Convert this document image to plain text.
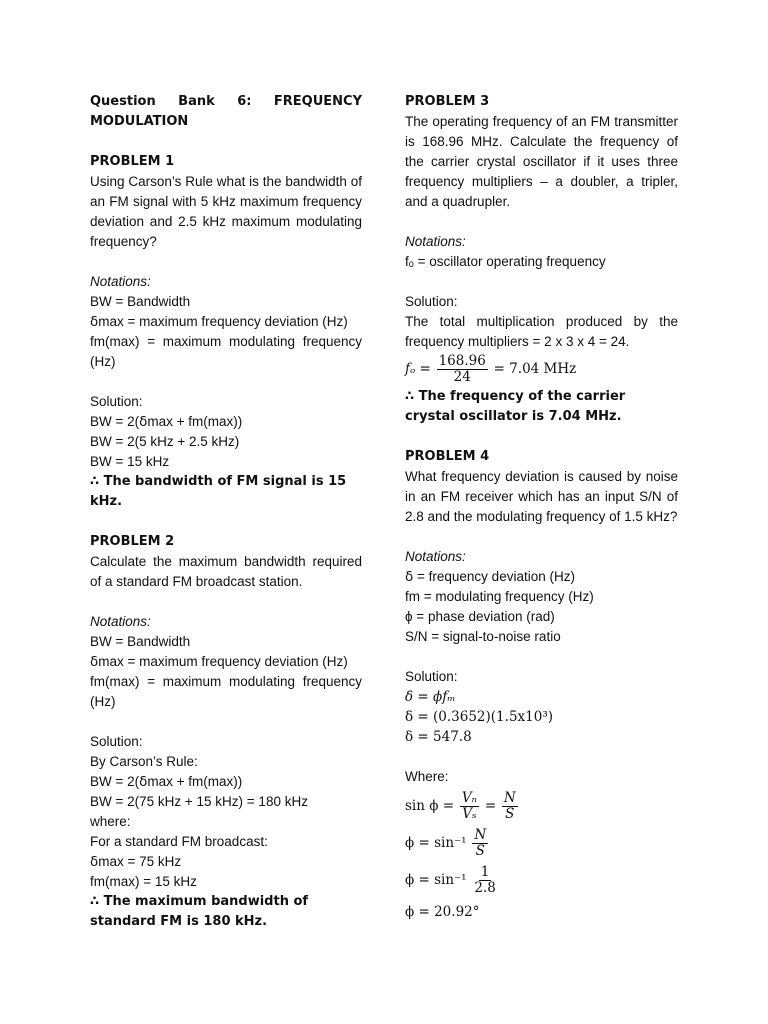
Question Bank 6: FREQUENCY

MODULATION

PROBLEM 1

Using Carson’s Rule what is the bandwidth of an FM signal with 5 kHz maximum frequency deviation and 2.5 kHz maximum modulating frequency?

Notations:

BW = Bandwidth

ẟmax = maximum frequency deviation (Hz)

fm(max)  =  maximum  modulating  frequency (Hz)

Solution:

BW = 2(ẟmax + fm(max))

BW = 2(5 kHz + 2.5 kHz)

BW = 15 kHz

∴ The bandwidth of FM signal is 15 kHz.

PROBLEM 2

Calculate the maximum bandwidth required of a standard FM broadcast station.

Notations:

BW = Bandwidth

ẟmax = maximum frequency deviation (Hz)

fm(max)  =  maximum  modulating  frequency (Hz)

Solution:

By Carson’s Rule:

BW = 2(ẟmax + fm(max))

BW = 2(75 kHz + 15 kHz) = 180 kHz

where:

For a standard FM broadcast:

ẟmax = 75 kHz

fm(max) = 15 kHz

∴ The maximum bandwidth of standard FM is 180 kHz.

PROBLEM 3

The operating frequency of an FM transmitter is 168.96 MHz. Calculate the frequency of the carrier crystal oscillator if it uses three frequency multipliers – a doubler, a tripler, and a quadrupler.

Notations:

fₒ = oscillator operating frequency

Solution:

The total multiplication produced by the frequency multipliers = 2 x 3 x 4 = 24.

$f_o = \frac{168.96}{24} = 7.04$ MHz

∴ The frequency of the carrier crystal oscillator is 7.04 MHz.

PROBLEM 4

What frequency deviation is caused by noise in an FM receiver which has an input S/N of 2.8 and the modulating frequency of 1.5 kHz?

Notations:

ẟ = frequency deviation (Hz)

fm = modulating frequency (Hz)

ϕ = phase deviation (rad)

S/N = signal-to-noise ratio

Solution:

δ = ϕfₘ

δ = (0.3652)(1.5x10³)

δ = 547.8

Where:

$\sin \phi = \frac{\text{Vₙ}}{\text{Vₛ}} = \frac{N}{S}$
$\phi = \sin^{-1} \frac{N}{S}$
$\phi = \sin^{-1} \frac{1}{2.8}$

ϕ = 20.92°
